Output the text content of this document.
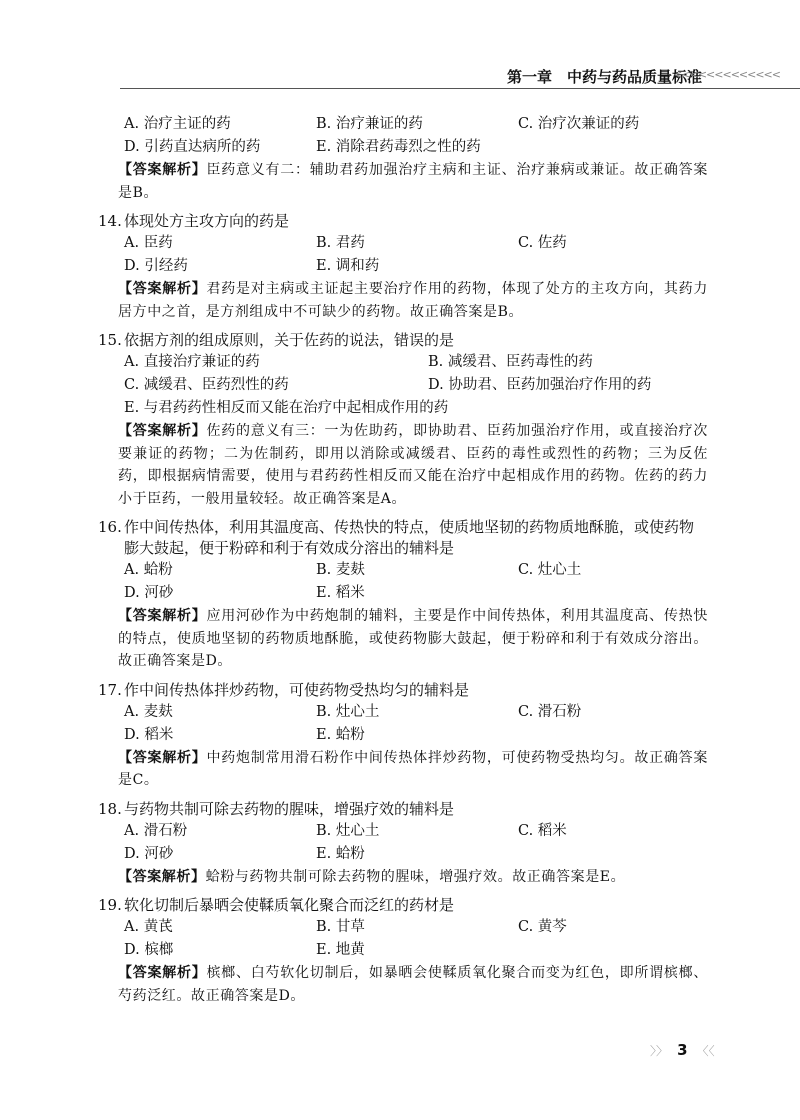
第一章　中药与药品质量标准
<<<<<<<<<<<<<
A. 治疗主证的药	B. 治疗兼证的药	C. 治疗次兼证的药
D. 引药直达病所的药	E. 消除君药毒烈之性的药
【答案解析】臣药意义有二：辅助君药加强治疗主病和主证、治疗兼病或兼证。故正确答案是B。
14. 体现处方主攻方向的药是
A. 臣药	B. 君药	C. 佐药
D. 引经药	E. 调和药
【答案解析】君药是对主病或主证起主要治疗作用的药物，体现了处方的主攻方向，其药力居方中之首，是方剂组成中不可缺少的药物。故正确答案是B。
15. 依据方剂的组成原则，关于佐药的说法，错误的是
A. 直接治疗兼证的药	B. 减缓君、臣药毒性的药
C. 减缓君、臣药烈性的药	D. 协助君、臣药加强治疗作用的药
E. 与君药药性相反而又能在治疗中起相成作用的药
【答案解析】佐药的意义有三：一为佐助药，即协助君、臣药加强治疗作用，或直接治疗次要兼证的药物；二为佐制药，即用以消除或减缓君、臣药的毒性或烈性的药物；三为反佐药，即根据病情需要，使用与君药药性相反而又能在治疗中起相成作用的药物。佐药的药力小于臣药，一般用量较轻。故正确答案是A。
16. 作中间传热体，利用其温度高、传热快的特点，使质地坚韧的药物质地酥脆，或使药物膨大鼓起，便于粉碎和利于有效成分溶出的辅料是
A. 蛤粉	B. 麦麸	C. 灶心土
D. 河砂	E. 稻米
【答案解析】应用河砂作为中药炮制的辅料，主要是作中间传热体，利用其温度高、传热快的特点，使质地坚韧的药物质地酥脆，或使药物膨大鼓起，便于粉碎和利于有效成分溶出。故正确答案是D。
17. 作中间传热体拌炒药物，可使药物受热均匀的辅料是
A. 麦麸	B. 灶心土	C. 滑石粉
D. 稻米	E. 蛤粉
【答案解析】中药炮制常用滑石粉作中间传热体拌炒药物，可使药物受热均匀。故正确答案是C。
18. 与药物共制可除去药物的腥味，增强疗效的辅料是
A. 滑石粉	B. 灶心土	C. 稻米
D. 河砂	E. 蛤粉
【答案解析】蛤粉与药物共制可除去药物的腥味，增强疗效。故正确答案是E。
19. 软化切制后暴晒会使鞣质氧化聚合而泛红的药材是
A. 黄芪	B. 甘草	C. 黄芩
D. 槟榔	E. 地黄
【答案解析】槟榔、白芍软化切制后，如暴晒会使鞣质氧化聚合而变为红色，即所谓槟榔、芍药泛红。故正确答案是D。
〉〉 3 〈〈
